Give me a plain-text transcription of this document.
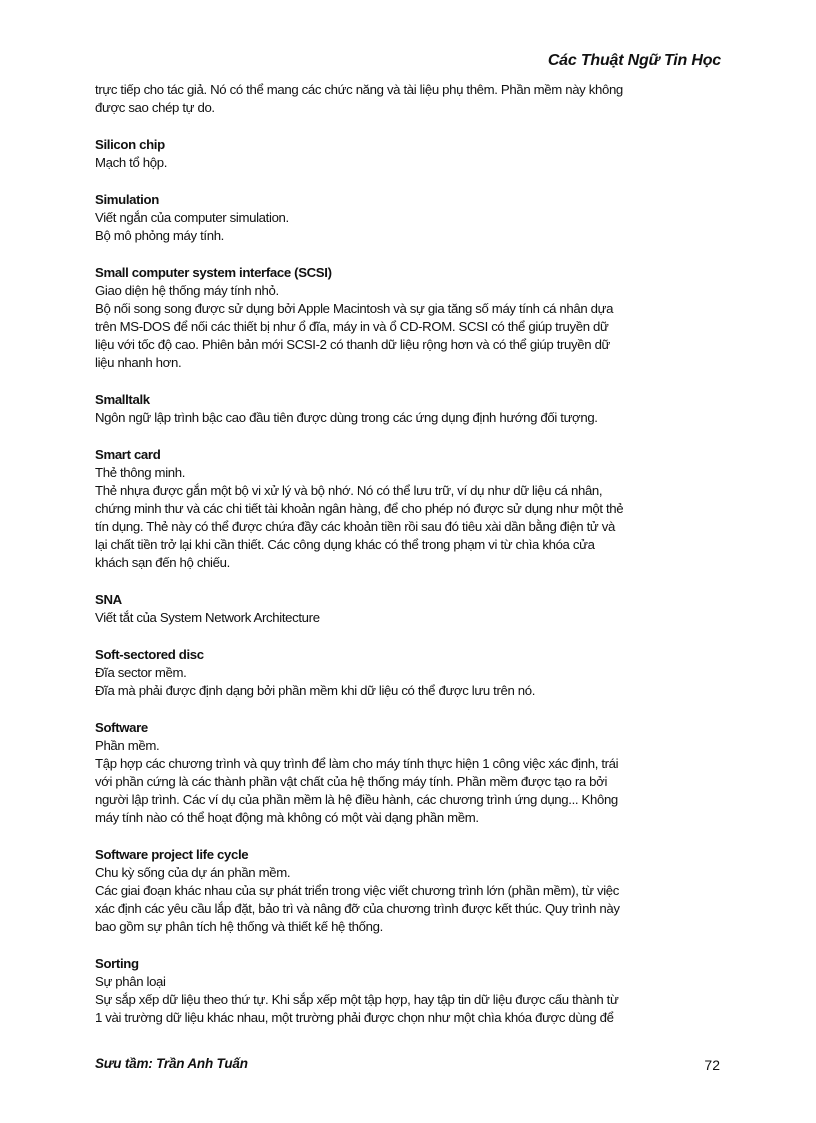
Các Thuật Ngữ Tin Học

trực tiếp cho tác giả. Nó có thể mang các chức năng và tài liệu phụ thêm. Phần mềm này không

được sao chép tự do.

Silicon chip

Mạch tổ hộp.

Simulation

Viết ngắn của computer simulation.

Bộ mô phỏng máy tính.

Small computer system interface (SCSI)

Giao diện hệ thống máy tính nhỏ.

Bộ nối song song được sử dụng bởi Apple Macintosh và sự gia tăng số máy tính cá nhân dựa

trên MS-DOS để nối các thiết bị như ổ đĩa, máy in và ổ CD-ROM. SCSI có thể giúp truyền dữ

liệu với tốc độ cao. Phiên bản mới SCSI-2 có thanh dữ liệu rộng hơn và có thể giúp truyền dữ

liệu nhanh hơn.

Smalltalk

Ngôn ngữ lập trình bậc cao đầu tiên được dùng trong các ứng dụng định hướng đối tượng.

Smart card

Thẻ thông minh.

Thẻ nhựa được gắn một bộ vi xử lý và bộ nhớ. Nó có thể lưu trữ, ví dụ như dữ liệu cá nhân,

chứng minh thư và các chi tiết tài khoản ngân hàng, để cho phép nó được sử dụng như một thẻ

tín dụng. Thẻ này có thể được chứa đầy các khoản tiền rồi sau đó tiêu xài dần bằng điện tử và

lại chất tiền trở lại khi cần thiết. Các công dụng khác có thể trong phạm vi từ chìa khóa cửa

khách sạn đến hộ chiếu.

SNA

Viết tắt của System Network Architecture

Soft-sectored disc

Đĩa sector mềm.

Đĩa mà phải được định dạng bởi phần mềm khi dữ liệu có thể được lưu trên nó.

Software

Phần mềm.

Tập hợp các chương trình và quy trình để làm cho máy tính thực hiện 1 công việc xác định, trái

với phần cứng là các thành phần vật chất của hệ thống máy tính. Phần mềm được tạo ra bởi

người lập trình. Các ví dụ của phần mềm là hệ điều hành, các chương trình ứng dụng... Không

máy tính nào có thể hoạt động mà không có một vài dạng phần mềm.

Software project life cycle

Chu kỳ sống của dự án phần mềm.

Các giai đoạn khác nhau của sự phát triển trong việc viết chương trình lớn (phần mềm), từ việc

xác định các yêu cầu lắp đặt, bảo trì và nâng đỡ của chương trình được kết thúc. Quy trình này

bao gồm sự phân tích hệ thống và thiết kế hệ thống.

Sorting

Sự phân loại

Sự sắp xếp dữ liệu theo thứ tự. Khi sắp xếp một tập hợp, hay tập tin dữ liệu được cấu thành từ

1 vài trường dữ liệu khác nhau, một trường phải được chọn như một chìa khóa được dùng để

Sưu tầm: Trần Anh Tuấn	72
